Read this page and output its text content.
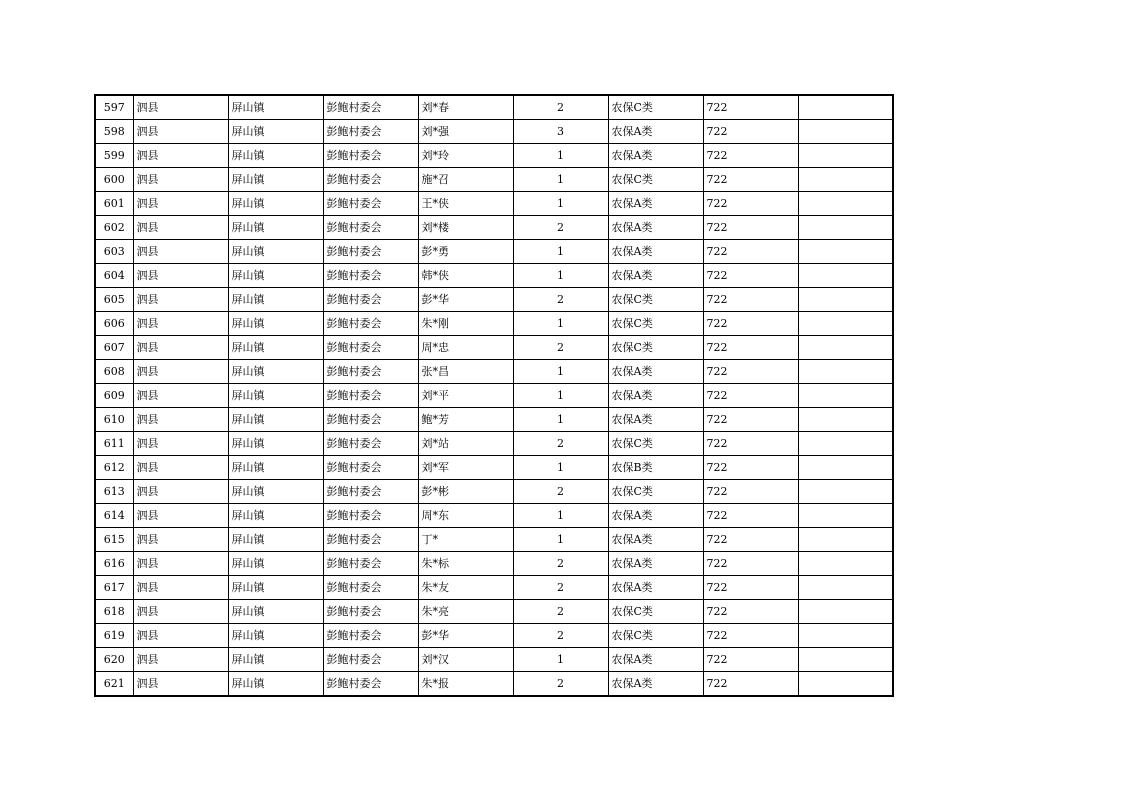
597	泗县	屏山镇	彭鲍村委会	刘*春	2	农保C类	722	
598	泗县	屏山镇	彭鲍村委会	刘*强	3	农保A类	722	
599	泗县	屏山镇	彭鲍村委会	刘*玲	1	农保A类	722	
600	泗县	屏山镇	彭鲍村委会	施*召	1	农保C类	722	
601	泗县	屏山镇	彭鲍村委会	王*侠	1	农保A类	722	
602	泗县	屏山镇	彭鲍村委会	刘*楼	2	农保A类	722	
603	泗县	屏山镇	彭鲍村委会	彭*勇	1	农保A类	722	
604	泗县	屏山镇	彭鲍村委会	韩*侠	1	农保A类	722	
605	泗县	屏山镇	彭鲍村委会	彭*华	2	农保C类	722	
606	泗县	屏山镇	彭鲍村委会	朱*刚	1	农保C类	722	
607	泗县	屏山镇	彭鲍村委会	周*忠	2	农保C类	722	
608	泗县	屏山镇	彭鲍村委会	张*昌	1	农保A类	722	
609	泗县	屏山镇	彭鲍村委会	刘*平	1	农保A类	722	
610	泗县	屏山镇	彭鲍村委会	鲍*芳	1	农保A类	722	
611	泗县	屏山镇	彭鲍村委会	刘*站	2	农保C类	722	
612	泗县	屏山镇	彭鲍村委会	刘*军	1	农保B类	722	
613	泗县	屏山镇	彭鲍村委会	彭*彬	2	农保C类	722	
614	泗县	屏山镇	彭鲍村委会	周*东	1	农保A类	722	
615	泗县	屏山镇	彭鲍村委会	丁*	1	农保A类	722	
616	泗县	屏山镇	彭鲍村委会	朱*标	2	农保A类	722	
617	泗县	屏山镇	彭鲍村委会	朱*友	2	农保A类	722	
618	泗县	屏山镇	彭鲍村委会	朱*亮	2	农保C类	722	
619	泗县	屏山镇	彭鲍村委会	彭*华	2	农保C类	722	
620	泗县	屏山镇	彭鲍村委会	刘*汉	1	农保A类	722	
621	泗县	屏山镇	彭鲍村委会	朱*报	2	农保A类	722	
